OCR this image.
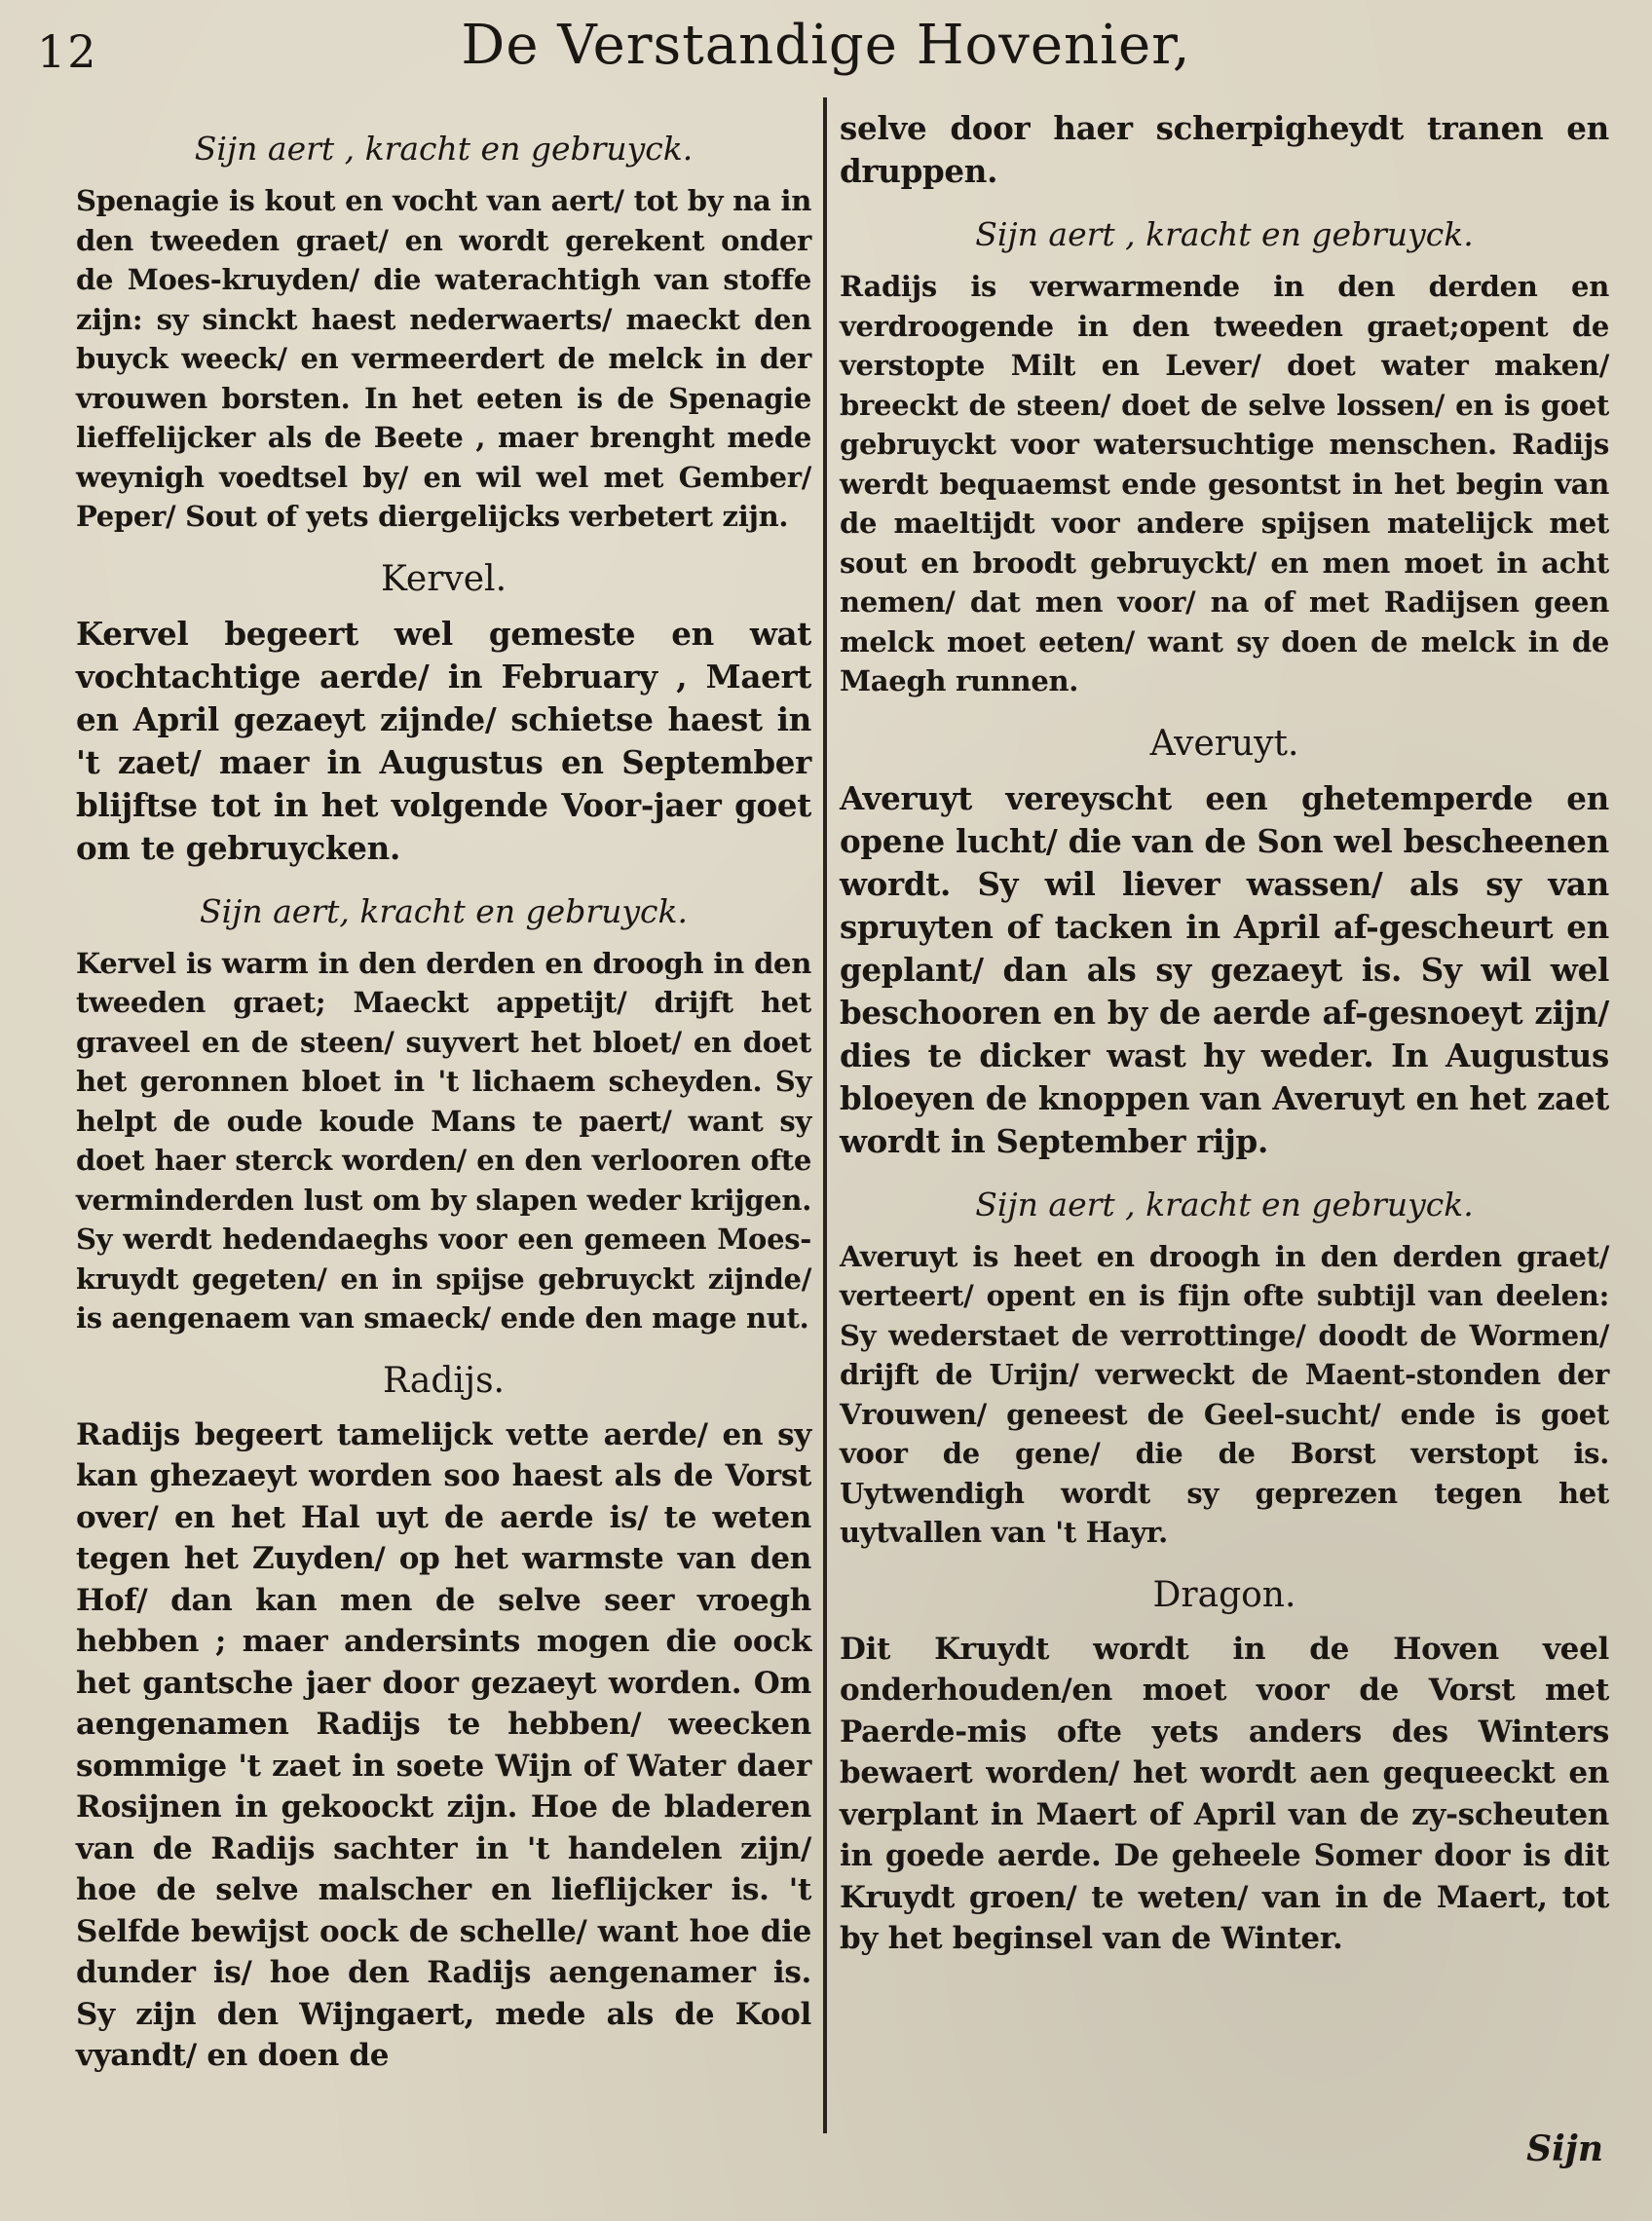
12	De Verstandige Hovenier,
Sijn aert , kracht en gebruyck.

Spenagie is kout en vocht van aert/ tot by na in den tweeden graet/ en wordt gerekent onder de Moes-kruyden/ die waterachtigh van stoffe zijn: sy sinckt haest nederwaerts/ maeckt den buyck weeck/ en vermeerdert de melck in der vrouwen borsten. In het eeten is de Spenagie lieffelijcker als de Beete , maer brenght mede weynigh voedtsel by/ en wil wel met Gember/ Peper/ Sout of yets diergelijcks verbetert zijn.

Kervel.

Kervel begeert wel gemeste en wat vochtachtige aerde/ in February , Maert en April gezaeyt zijnde/ schietse haest in 't zaet/ maer in Augustus en September blijftse tot in het volgende Voor-jaer goet om te gebruycken.

Sijn aert, kracht en gebruyck.

Kervel is warm in den derden en droogh in den tweeden graet; Maeckt appetijt/ drijft het graveel en de steen/ suyvert het bloet/ en doet het geronnen bloet in 't lichaem scheyden. Sy helpt de oude koude Mans te paert/ want sy doet haer sterck worden/ en den verlooren ofte verminderden lust om by slapen weder krijgen. Sy werdt hedendaeghs voor een gemeen Moes-kruydt gegeten/ en in spijse gebruyckt zijnde/ is aengenaem van smaeck/ ende den mage nut.

Radijs.

Radijs begeert tamelijck vette aerde/ en sy kan ghezaeyt worden soo haest als de Vorst over/ en het Hal uyt de aerde is/ te weten tegen het Zuyden/ op het warmste van den Hof/ dan kan men de selve seer vroegh hebben ; maer andersints mogen die oock het gantsche jaer door gezaeyt worden. Om aengenamen Radijs te hebben/ weecken sommige 't zaet in soete Wijn of Water daer Rosijnen in gekoockt zijn. Hoe de bladeren van de Radijs sachter in 't handelen zijn/ hoe de selve malscher en lieflijcker is. 't Selfde bewijst oock de schelle/ want hoe die dunder is/ hoe den Radijs aengenamer is. Sy zijn den Wijngaert, mede als de Kool vyandt/ en doen de

selve door haer scherpigheydt tranen en druppen.

Sijn aert , kracht en gebruyck.

Radijs is verwarmende in den derden en verdroogende in den tweeden graet;opent de verstopte Milt en Lever/ doet water maken/ breeckt de steen/ doet de selve lossen/ en is goet gebruyckt voor watersuchtige menschen. Radijs werdt bequaemst ende gesontst in het begin van de maeltijdt voor andere spijsen matelijck met sout en broodt gebruyckt/ en men moet in acht nemen/ dat men voor/ na of met Radijsen geen melck moet eeten/ want sy doen de melck in de Maegh runnen.

Averuyt.

Averuyt vereyscht een ghetemperde en opene lucht/ die van de Son wel bescheenen wordt. Sy wil liever wassen/ als sy van spruyten of tacken in April af-gescheurt en geplant/ dan als sy gezaeyt is. Sy wil wel beschooren en by de aerde af-gesnoeyt zijn/ dies te dicker wast hy weder. In Augustus bloeyen de knoppen van Averuyt en het zaet wordt in September rijp.

Sijn aert , kracht en gebruyck.

Averuyt is heet en droogh in den derden graet/ verteert/ opent en is fijn ofte subtijl van deelen: Sy wederstaet de verrottinge/ doodt de Wormen/ drijft de Urijn/ verweckt de Maent-stonden der Vrouwen/ geneest de Geel-sucht/ ende is goet voor de gene/ die de Borst verstopt is. Uytwendigh wordt sy geprezen tegen het uytvallen van 't Hayr.

Dragon.

Dit Kruydt wordt in de Hoven veel onderhouden/en moet voor de Vorst met Paerde-mis ofte yets anders des Winters bewaert worden/ het wordt aen gequeeckt en verplant in Maert of April van de zy-scheuten in goede aerde. De geheele Somer door is dit Kruydt groen/ te weten/ van in de Maert, tot by het beginsel van de Winter.

Sijn
